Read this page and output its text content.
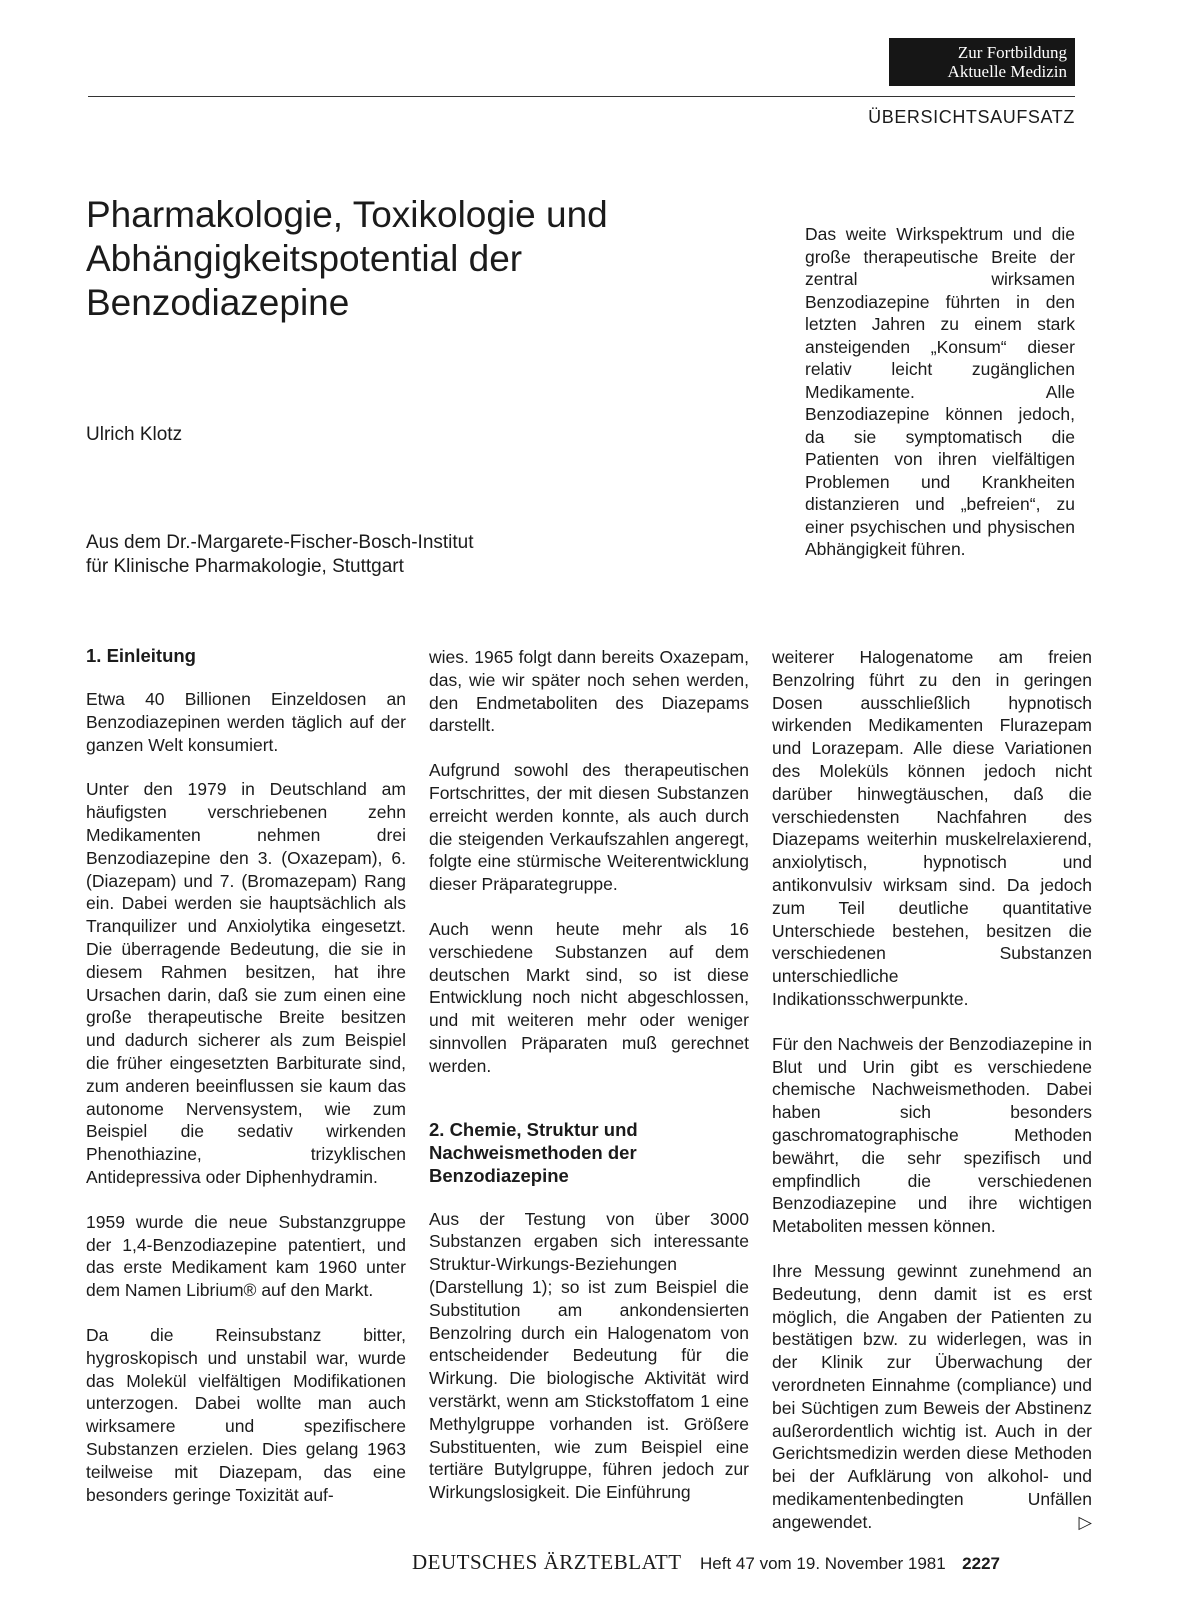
Zur Fortbildung
Aktuelle Medizin
ÜBERSICHTSAUFSATZ
Pharmakologie, Toxikologie und Abhängigkeitspotential der Benzodiazepine
Ulrich Klotz
Aus dem Dr.-Margarete-Fischer-Bosch-Institut
für Klinische Pharmakologie, Stuttgart
Das weite Wirkspektrum und die große therapeutische Breite der zentral wirksamen Benzodiazepine führten in den letzten Jahren zu einem stark ansteigenden „Konsum“ dieser relativ leicht zugänglichen Medikamente. Alle Benzodiazepine können jedoch, da sie symptomatisch die Patienten von ihren vielfältigen Problemen und Krankheiten distanzieren und „befreien“, zu einer psychischen und physischen Abhängigkeit führen.
1. Einleitung

Etwa 40 Billionen Einzeldosen an Benzodiazepinen werden täglich auf der ganzen Welt konsumiert.

Unter den 1979 in Deutschland am häufigsten verschriebenen zehn Medikamenten nehmen drei Benzodiazepine den 3. (Oxazepam), 6. (Diazepam) und 7. (Bromazepam) Rang ein. Dabei werden sie hauptsächlich als Tranquilizer und Anxiolytika eingesetzt. Die überragende Bedeutung, die sie in diesem Rahmen besitzen, hat ihre Ursachen darin, daß sie zum einen eine große therapeutische Breite besitzen und dadurch sicherer als zum Beispiel die früher eingesetzten Barbiturate sind, zum anderen beeinflussen sie kaum das autonome Nervensystem, wie zum Beispiel die sedativ wirkenden Phenothiazine, trizyklischen Antidepressiva oder Diphenhydramin.

1959 wurde die neue Substanzgruppe der 1,4-Benzodiazepine patentiert, und das erste Medikament kam 1960 unter dem Namen Librium® auf den Markt.

Da die Reinsubstanz bitter, hygroskopisch und unstabil war, wurde das Molekül vielfältigen Modifikationen unterzogen. Dabei wollte man auch wirksamere und spezifischere Substanzen erzielen. Dies gelang 1963 teilweise mit Diazepam, das eine besonders geringe Toxizität auf-

wies. 1965 folgt dann bereits Oxazepam, das, wie wir später noch sehen werden, den Endmetaboliten des Diazepams darstellt.

Aufgrund sowohl des therapeutischen Fortschrittes, der mit diesen Substanzen erreicht werden konnte, als auch durch die steigenden Verkaufszahlen angeregt, folgte eine stürmische Weiterentwicklung dieser Präparategruppe.

Auch wenn heute mehr als 16 verschiedene Substanzen auf dem deutschen Markt sind, so ist diese Entwicklung noch nicht abgeschlossen, und mit weiteren mehr oder weniger sinnvollen Präparaten muß gerechnet werden.

2. Chemie, Struktur und Nachweismethoden der Benzodiazepine

Aus der Testung von über 3000 Substanzen ergaben sich interessante Struktur-Wirkungs-Beziehungen (Darstellung 1); so ist zum Beispiel die Substitution am ankondensierten Benzolring durch ein Halogenatom von entscheidender Bedeutung für die Wirkung. Die biologische Aktivität wird verstärkt, wenn am Stickstoffatom 1 eine Methylgruppe vorhanden ist. Größere Substituenten, wie zum Beispiel eine tertiäre Butylgruppe, führen jedoch zur Wirkungslosigkeit. Die Einführung

weiterer Halogenatome am freien Benzolring führt zu den in geringen Dosen ausschließlich hypnotisch wirkenden Medikamenten Flurazepam und Lorazepam. Alle diese Variationen des Moleküls können jedoch nicht darüber hinwegtäuschen, daß die verschiedensten Nachfahren des Diazepams weiterhin muskelrelaxierend, anxiolytisch, hypnotisch und antikonvulsiv wirksam sind. Da jedoch zum Teil deutliche quantitative Unterschiede bestehen, besitzen die verschiedenen Substanzen unterschiedliche Indikationsschwerpunkte.

Für den Nachweis der Benzodiazepine in Blut und Urin gibt es verschiedene chemische Nachweismethoden. Dabei haben sich besonders gaschromatographische Methoden bewährt, die sehr spezifisch und empfindlich die verschiedenen Benzodiazepine und ihre wichtigen Metaboliten messen können.

Ihre Messung gewinnt zunehmend an Bedeutung, denn damit ist es erst möglich, die Angaben der Patienten zu bestätigen bzw. zu widerlegen, was in der Klinik zur Überwachung der verordneten Einnahme (compliance) und bei Süchtigen zum Beweis der Abstinenz außerordentlich wichtig ist. Auch in der Gerichtsmedizin werden diese Methoden bei der Aufklärung von alkohol- und medikamentenbedingten Unfällen angewendet.	▷

DEUTSCHES ÄRZTEBLATT Heft 47 vom 19. November 1981 2227
